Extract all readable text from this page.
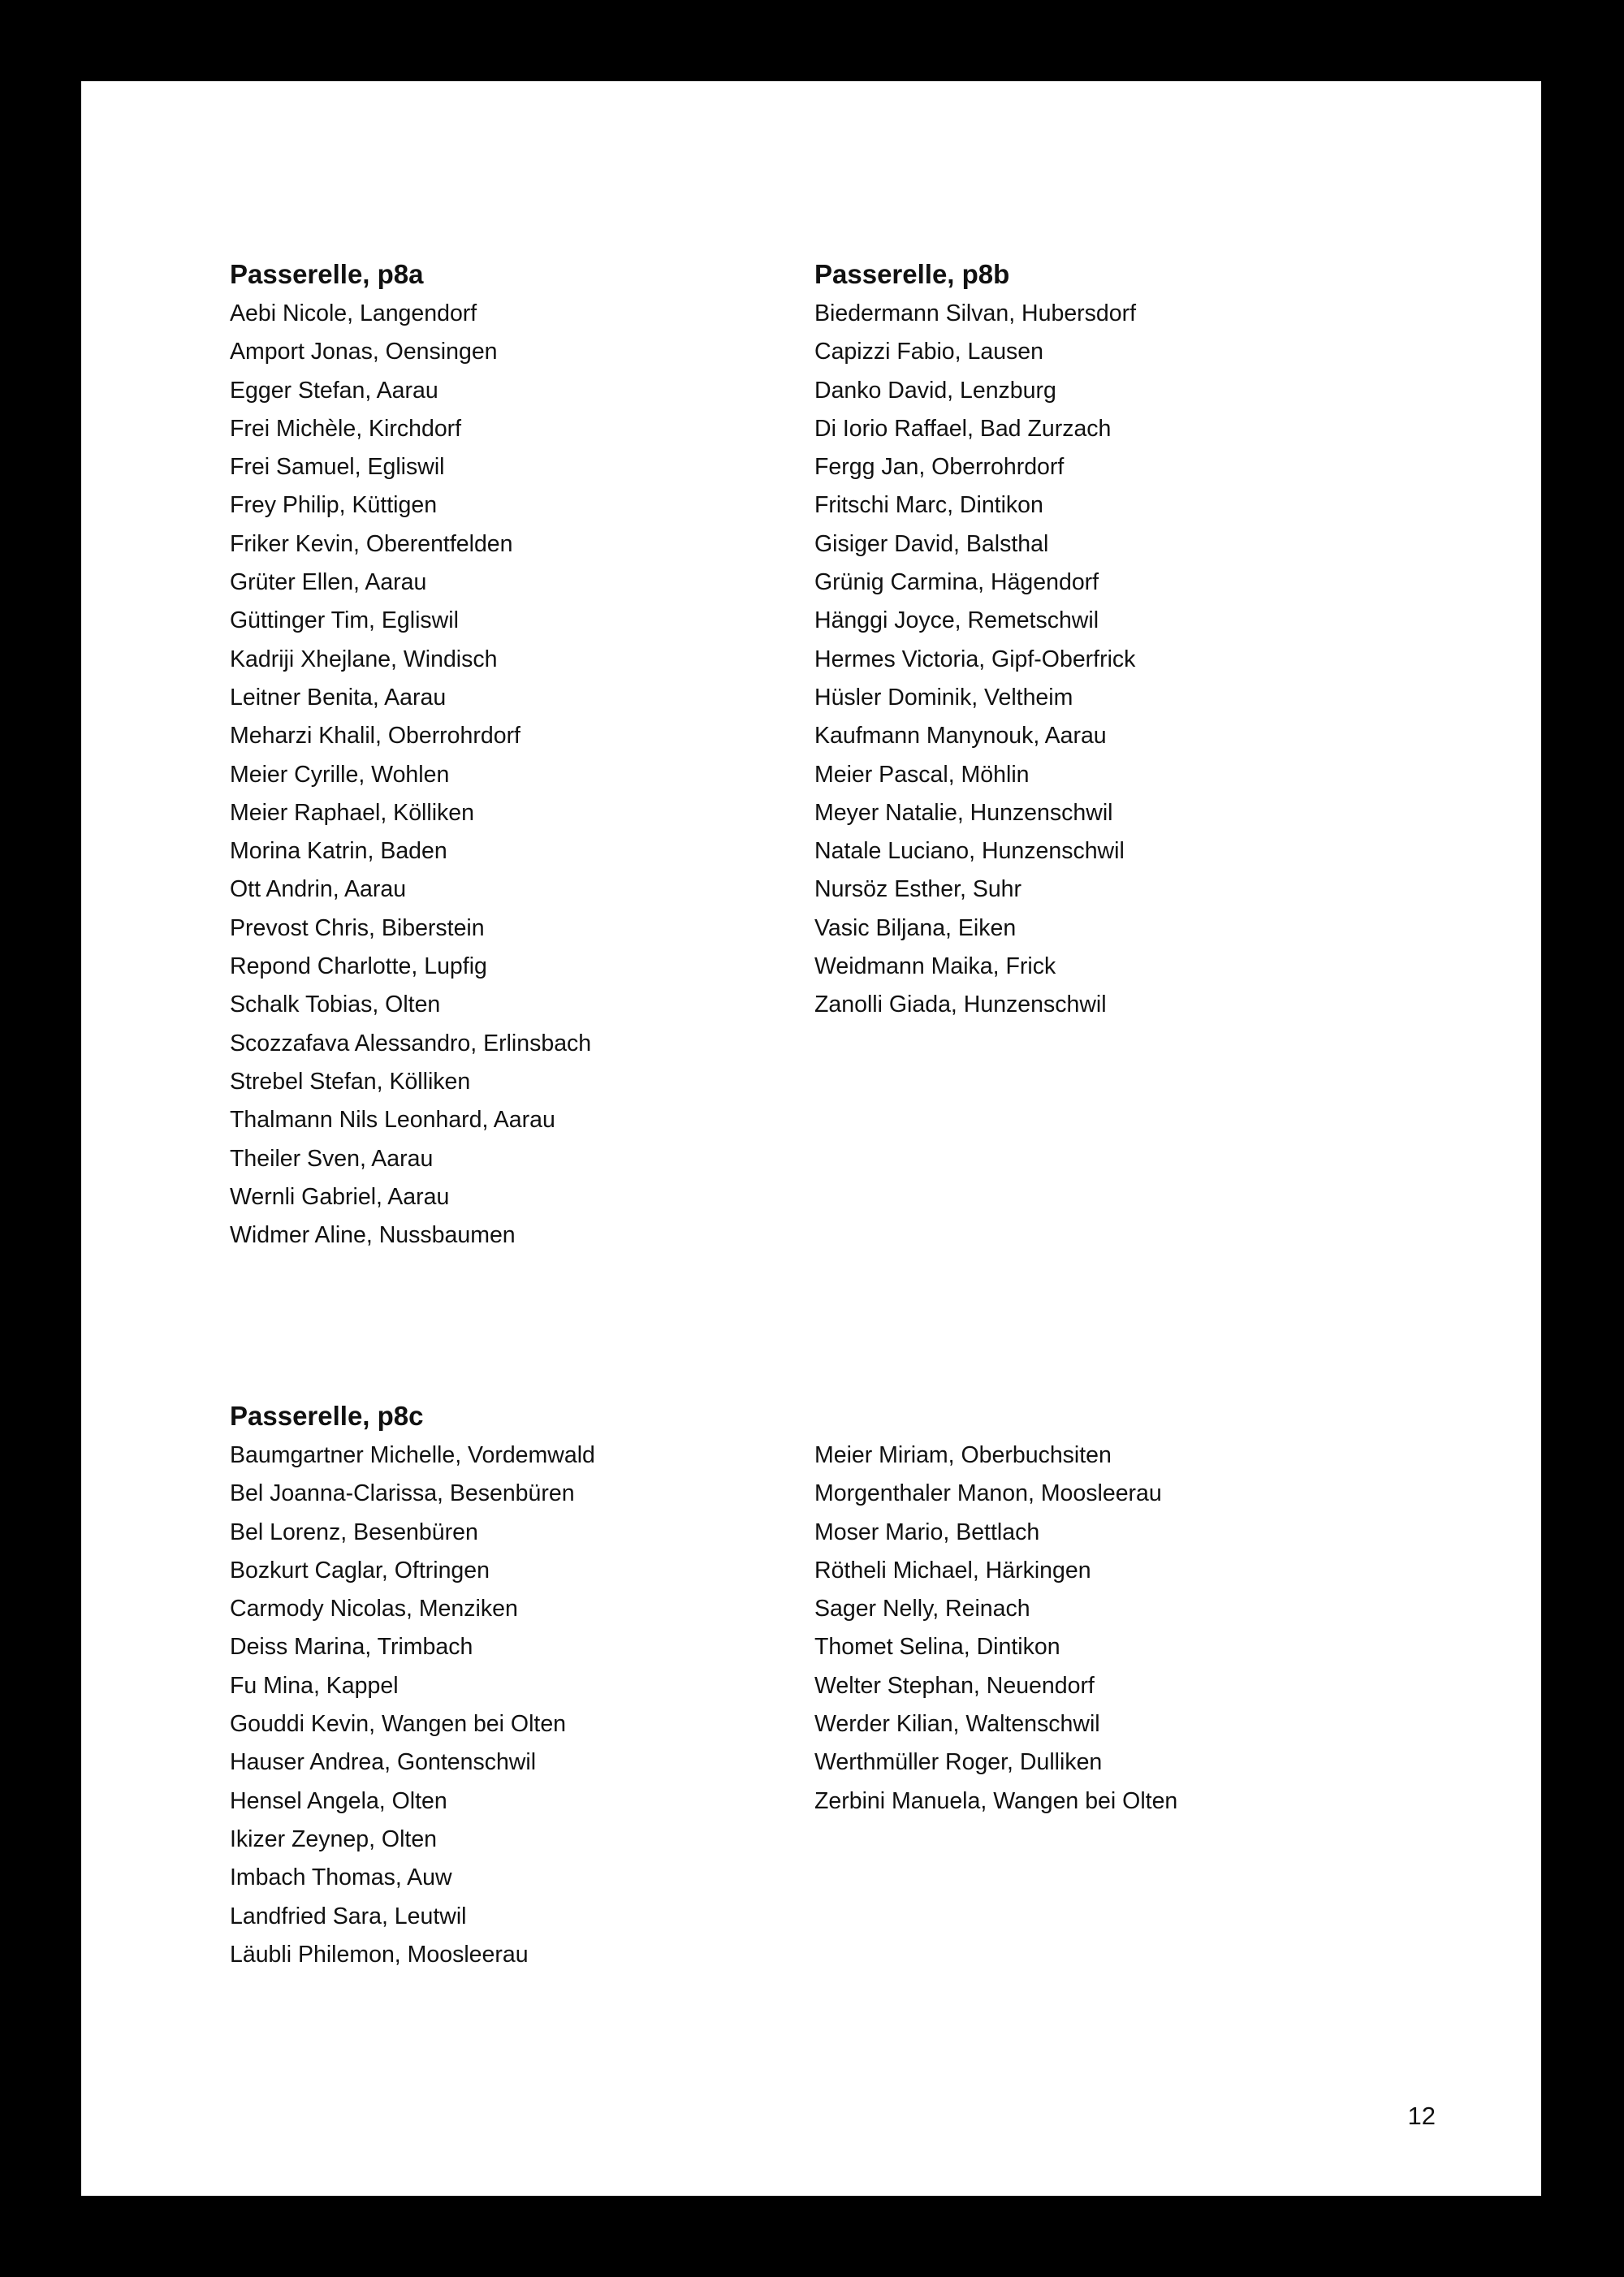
Passerelle, p8a
Aebi Nicole, Langendorf
Amport Jonas, Oensingen
Egger Stefan, Aarau
Frei Michèle, Kirchdorf
Frei Samuel, Egliswil
Frey Philip, Küttigen
Friker Kevin, Oberentfelden
Grüter Ellen, Aarau
Güttinger Tim, Egliswil
Kadriji Xhejlane, Windisch
Leitner Benita, Aarau
Meharzi Khalil, Oberrohrdorf
Meier Cyrille, Wohlen
Meier Raphael, Kölliken
Morina Katrin, Baden
Ott Andrin, Aarau
Prevost Chris, Biberstein
Repond Charlotte, Lupfig
Schalk Tobias, Olten
Scozzafava Alessandro, Erlinsbach
Strebel Stefan, Kölliken
Thalmann Nils Leonhard, Aarau
Theiler Sven, Aarau
Wernli Gabriel, Aarau
Widmer Aline, Nussbaumen
Passerelle, p8b
Biedermann Silvan, Hubersdorf
Capizzi Fabio, Lausen
Danko David, Lenzburg
Di Iorio Raffael, Bad Zurzach
Fergg Jan, Oberrohrdorf
Fritschi Marc, Dintikon
Gisiger David, Balsthal
Grünig Carmina, Hägendorf
Hänggi Joyce, Remetschwil
Hermes Victoria, Gipf-Oberfrick
Hüsler Dominik, Veltheim
Kaufmann Manynouk, Aarau
Meier Pascal, Möhlin
Meyer Natalie, Hunzenschwil
Natale Luciano, Hunzenschwil
Nursöz Esther, Suhr
Vasic Biljana, Eiken
Weidmann Maika, Frick
Zanolli Giada, Hunzenschwil
Passerelle, p8c
Baumgartner Michelle, Vordemwald
Bel Joanna-Clarissa, Besenbüren
Bel Lorenz, Besenbüren
Bozkurt Caglar, Oftringen
Carmody Nicolas, Menziken
Deiss Marina, Trimbach
Fu Mina, Kappel
Gouddi Kevin, Wangen bei Olten
Hauser Andrea, Gontenschwil
Hensel Angela, Olten
Ikizer Zeynep, Olten
Imbach Thomas, Auw
Landfried Sara, Leutwil
Läubli Philemon, Moosleerau
Meier Miriam, Oberbuchsiten
Morgenthaler Manon, Moosleerau
Moser Mario, Bettlach
Rötheli Michael, Härkingen
Sager Nelly, Reinach
Thomet Selina, Dintikon
Welter Stephan, Neuendorf
Werder Kilian, Waltenschwil
Werthmüller Roger, Dulliken
Zerbini Manuela, Wangen bei Olten
12
